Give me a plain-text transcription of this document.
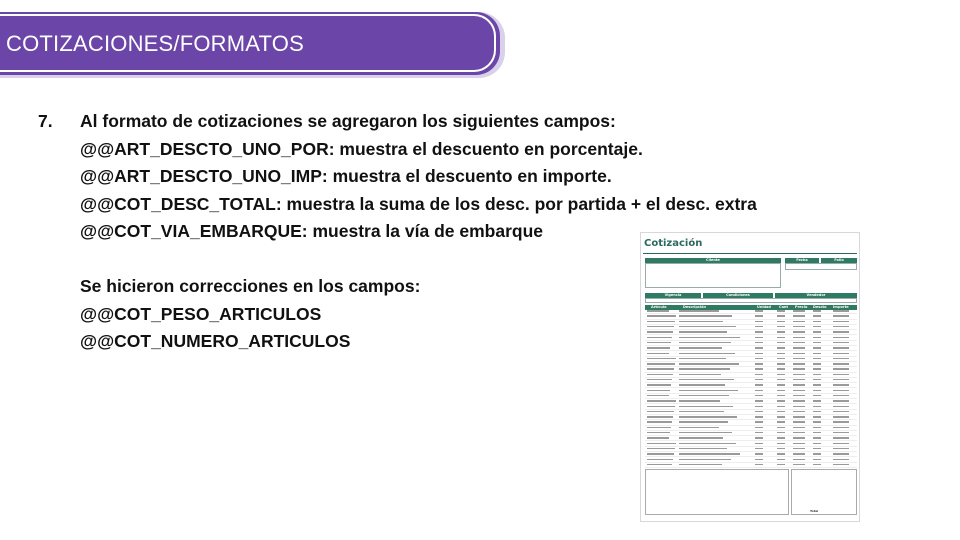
COTIZACIONES/FORMATOS
7. Al formato de cotizaciones se agregaron los siguientes campos:
@@ART_DESCTO_UNO_POR: muestra el descuento en porcentaje.
@@ART_DESCTO_UNO_IMP: muestra el descuento en importe.
@@COT_DESC_TOTAL: muestra la suma de los desc. por partida + el desc. extra
@@COT_VIA_EMBARQUE: muestra la vía de embarque
Se hicieron correcciones en los campos:
@@COT_PESO_ARTICULOS
@@COT_NUMERO_ARTICULOS
Cotización
Cliente	Fecha	Folio
Vigencia	Condiciones	Vendedor
Artículo	Descripción	Unidad Cant Precio Descto Importe
Total
